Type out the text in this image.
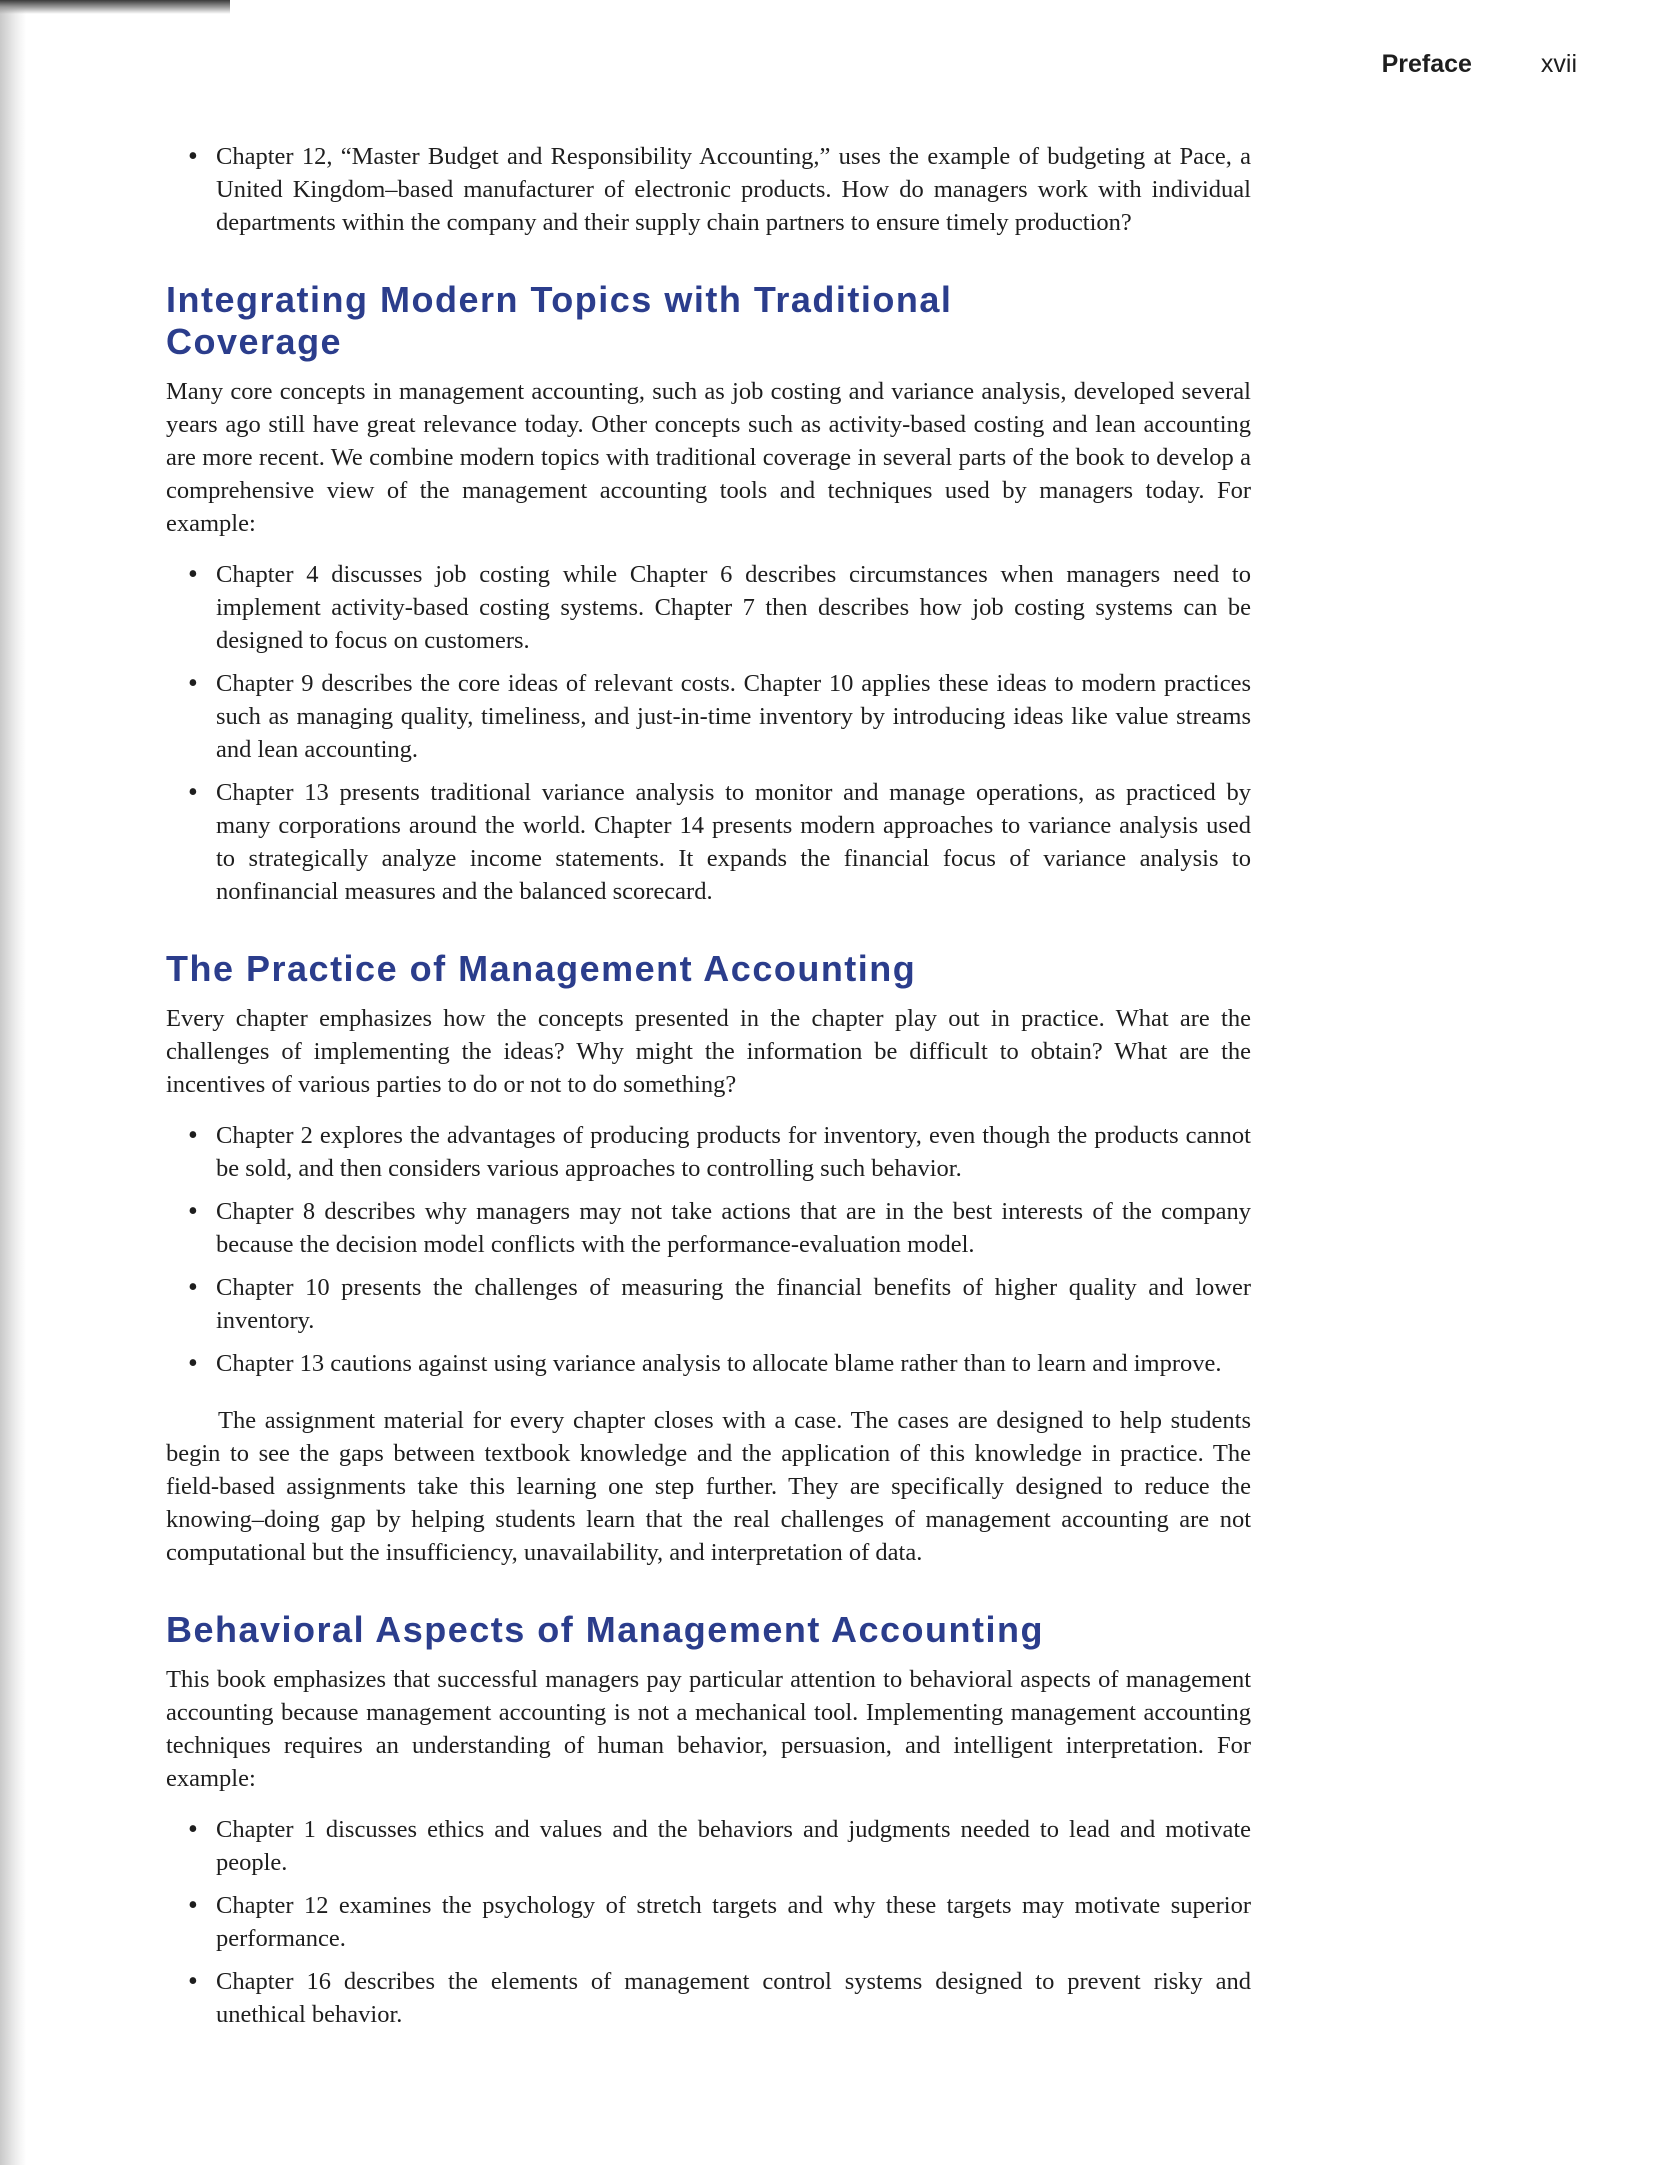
Preface	xvii
• Chapter 12, “Master Budget and Responsibility Accounting,” uses the example of budgeting at Pace, a United Kingdom–based manufacturer of electronic products. How do managers work with individual departments within the company and their supply chain partners to ensure timely production?
Integrating Modern Topics with Traditional Coverage

Many core concepts in management accounting, such as job costing and variance analysis, developed several years ago still have great relevance today. Other concepts such as activity-based costing and lean accounting are more recent. We combine modern topics with traditional coverage in several parts of the book to develop a comprehensive view of the management accounting tools and techniques used by managers today. For example:

• Chapter 4 discusses job costing while Chapter 6 describes circumstances when managers need to implement activity-based costing systems. Chapter 7 then describes how job costing systems can be designed to focus on customers.
• Chapter 9 describes the core ideas of relevant costs. Chapter 10 applies these ideas to modern practices such as managing quality, timeliness, and just-in-time inventory by introducing ideas like value streams and lean accounting.
• Chapter 13 presents traditional variance analysis to monitor and manage operations, as practiced by many corporations around the world. Chapter 14 presents modern approaches to variance analysis used to strategically analyze income statements. It expands the financial focus of variance analysis to nonfinancial measures and the balanced scorecard.
The Practice of Management Accounting

Every chapter emphasizes how the concepts presented in the chapter play out in practice. What are the challenges of implementing the ideas? Why might the information be difficult to obtain? What are the incentives of various parties to do or not to do something?

• Chapter 2 explores the advantages of producing products for inventory, even though the products cannot be sold, and then considers various approaches to controlling such behavior.
• Chapter 8 describes why managers may not take actions that are in the best interests of the company because the decision model conflicts with the performance-evaluation model.
• Chapter 10 presents the challenges of measuring the financial benefits of higher quality and lower inventory.
• Chapter 13 cautions against using variance analysis to allocate blame rather than to learn and improve.

The assignment material for every chapter closes with a case. The cases are designed to help students begin to see the gaps between textbook knowledge and the application of this knowledge in practice. The field-based assignments take this learning one step further. They are specifically designed to reduce the knowing–doing gap by helping students learn that the real challenges of management accounting are not computational but the insufficiency, unavailability, and interpretation of data.

Behavioral Aspects of Management Accounting

This book emphasizes that successful managers pay particular attention to behavioral aspects of management accounting because management accounting is not a mechanical tool. Implementing management accounting techniques requires an understanding of human behavior, persuasion, and intelligent interpretation. For example:

• Chapter 1 discusses ethics and values and the behaviors and judgments needed to lead and motivate people.
• Chapter 12 examines the psychology of stretch targets and why these targets may motivate superior performance.
• Chapter 16 describes the elements of management control systems designed to prevent risky and unethical behavior.
